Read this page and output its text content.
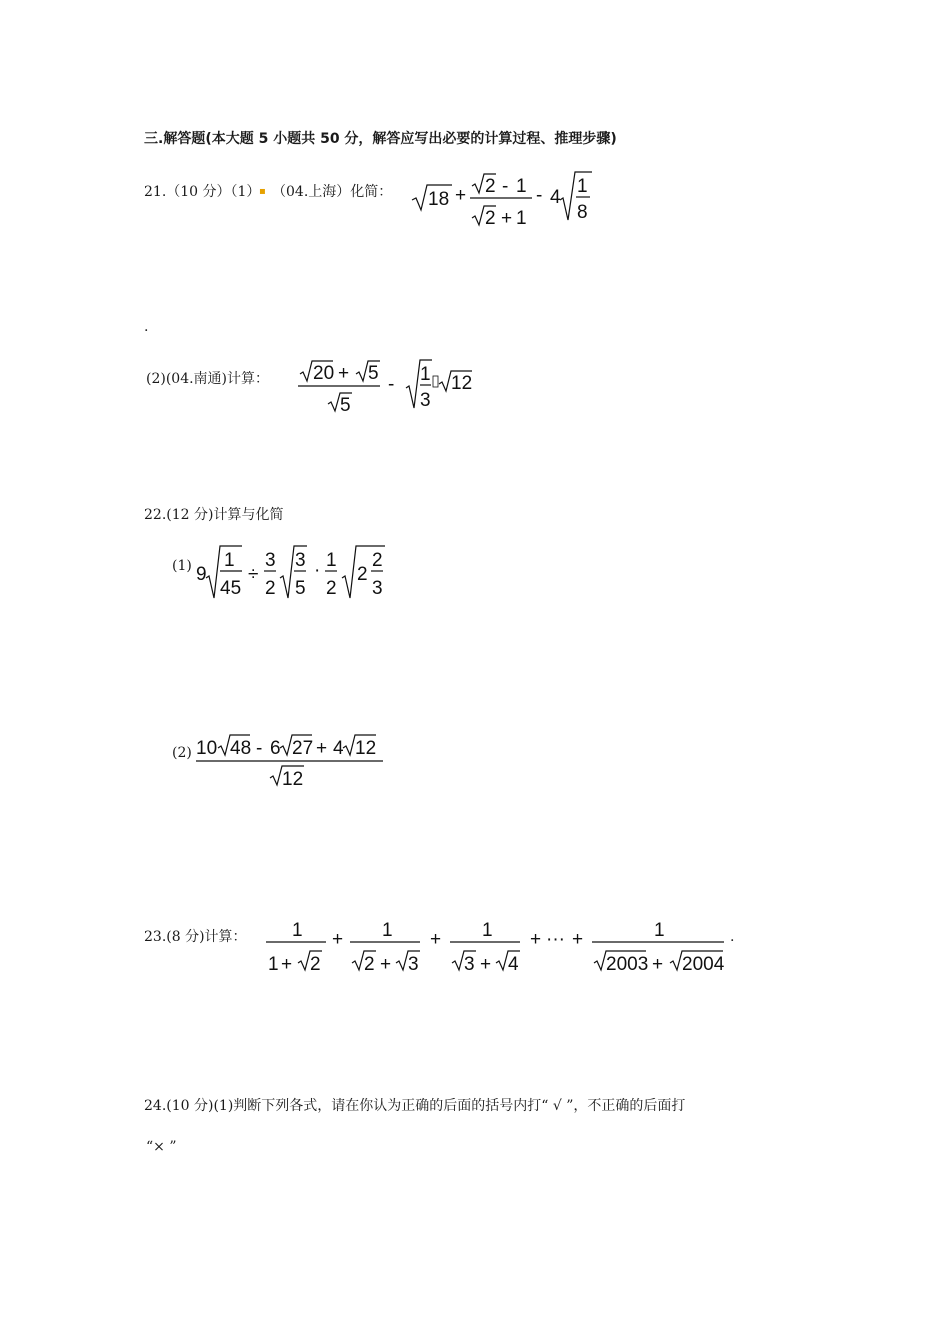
三.解答题(本大题 5 小题共 50 分，解答应写出必要的计算过程、推理步骤)
21.（10 分）（1）
▪ （04.上海）化简： 18 + 2 - 1
2 + 1
- 4
1
8
.
(2)(04.南通)计算： 20 + 5
5
- 1
3
12
22.(12 分)计算与化简
(1) 9
1
45
÷
3
2
3
5
· 1
2
2
2
3
(2) 10 48 - 6 27 + 4 12
12
23.(8 分)计算： 1
1 + 2
+ 1
2 + 3
+ 1
3 + 4
+ ··· +	1
2003 + 2004
.
24.(10 分)(1)判断下列各式，请在你认为正确的后面的括号内打“ √ ”，不正确的后面打
“× ”
